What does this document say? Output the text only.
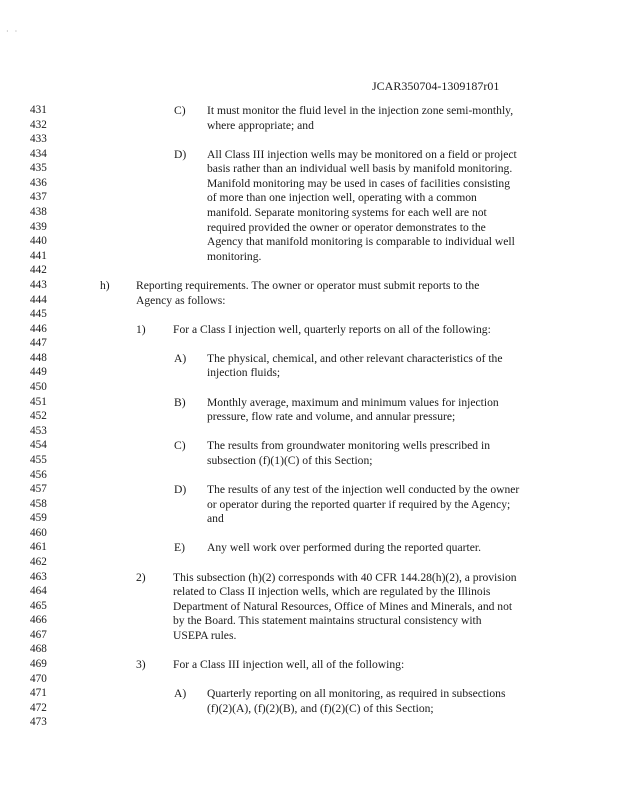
· ·
JCAR350704-1309187r01
431
432
433
434
435
436
437
438
439
440
441
442
443
444
445
446
447
448
449
450
451
452
453
454
455
456
457
458
459
460
461
462
463
464
465
466
467
468
469
470
471
472
473
C) It must monitor the fluid level in the injection zone semi-monthly,
where appropriate; and
D) All Class III injection wells may be monitored on a field or project
basis rather than an individual well basis by manifold monitoring.
Manifold monitoring may be used in cases of facilities consisting
of more than one injection well, operating with a common
manifold. Separate monitoring systems for each well are not
required provided the owner or operator demonstrates to the
Agency that manifold monitoring is comparable to individual well
monitoring.
h) Reporting requirements. The owner or operator must submit reports to the
Agency as follows:
1) For a Class I injection well, quarterly reports on all of the following:
A) The physical, chemical, and other relevant characteristics of the
injection fluids;
B) Monthly average, maximum and minimum values for injection
pressure, flow rate and volume, and annular pressure;
C) The results from groundwater monitoring wells prescribed in
subsection (f)(1)(C) of this Section;
D) The results of any test of the injection well conducted by the owner
or operator during the reported quarter if required by the Agency;
and
E) Any well work over performed during the reported quarter.
2) This subsection (h)(2) corresponds with 40 CFR 144.28(h)(2), a provision
related to Class II injection wells, which are regulated by the Illinois
Department of Natural Resources, Office of Mines and Minerals, and not
by the Board. This statement maintains structural consistency with
USEPA rules.
3) For a Class III injection well, all of the following:
A) Quarterly reporting on all monitoring, as required in subsections
(f)(2)(A), (f)(2)(B), and (f)(2)(C) of this Section;
